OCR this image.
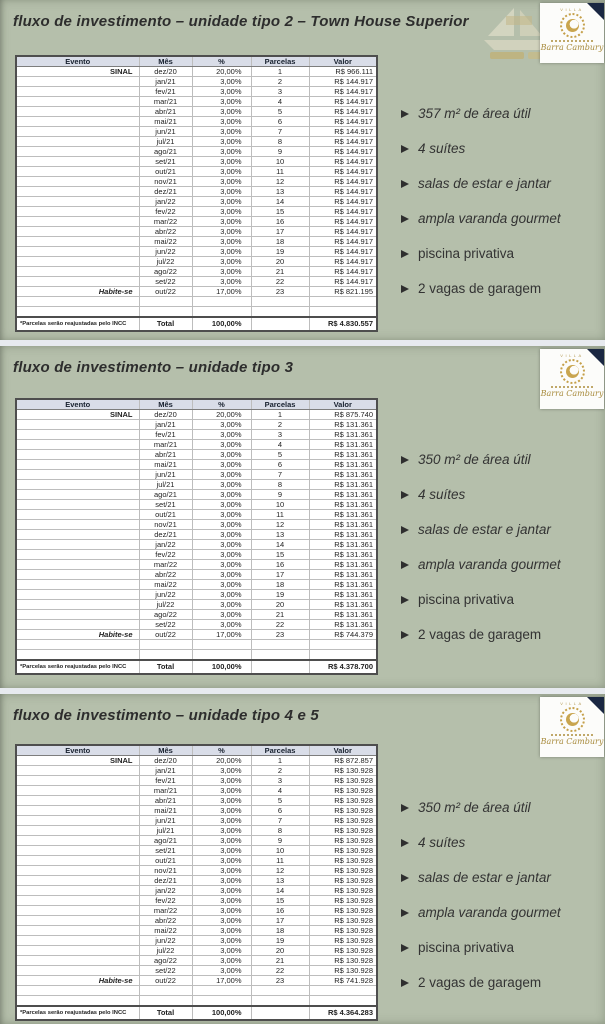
fluxo de investimento – unidade tipo 2 – Town House Superior
VILLA
Barra Cambury
Evento	Mês	%	Parcelas	Valor
SINAL	dez/20	20,00%	1	R$ 966.111
	jan/21	3,00%	2	R$ 144.917
	fev/21	3,00%	3	R$ 144.917
	mar/21	3,00%	4	R$ 144.917
	abr/21	3,00%	5	R$ 144.917
	mai/21	3,00%	6	R$ 144.917
	jun/21	3,00%	7	R$ 144.917
	jul/21	3,00%	8	R$ 144.917
	ago/21	3,00%	9	R$ 144.917
	set/21	3,00%	10	R$ 144.917
	out/21	3,00%	11	R$ 144.917
	nov/21	3,00%	12	R$ 144.917
	dez/21	3,00%	13	R$ 144.917
	jan/22	3,00%	14	R$ 144.917
	fev/22	3,00%	15	R$ 144.917
	mar/22	3,00%	16	R$ 144.917
	abr/22	3,00%	17	R$ 144.917
	mai/22	3,00%	18	R$ 144.917
	jun/22	3,00%	19	R$ 144.917
	jul/22	3,00%	20	R$ 144.917
	ago/22	3,00%	21	R$ 144.917
	set/22	3,00%	22	R$ 144.917
Habite-se	out/22	17,00%	23	R$ 821.195

*Parcelas serão reajustadas pelo INCC	Total	100,00%		R$ 4.830.557
357 m² de área útil
4 suítes
salas de estar e jantar
ampla varanda gourmet
piscina privativa
2 vagas de garagem
fluxo de investimento – unidade tipo 3
VILLA
Barra Cambury
Evento	Mês	%	Parcelas	Valor
SINAL	dez/20	20,00%	1	R$ 875.740
	jan/21	3,00%	2	R$ 131.361
	fev/21	3,00%	3	R$ 131.361
	mar/21	3,00%	4	R$ 131.361
	abr/21	3,00%	5	R$ 131.361
	mai/21	3,00%	6	R$ 131.361
	jun/21	3,00%	7	R$ 131.361
	jul/21	3,00%	8	R$ 131.361
	ago/21	3,00%	9	R$ 131.361
	set/21	3,00%	10	R$ 131.361
	out/21	3,00%	11	R$ 131.361
	nov/21	3,00%	12	R$ 131.361
	dez/21	3,00%	13	R$ 131.361
	jan/22	3,00%	14	R$ 131.361
	fev/22	3,00%	15	R$ 131.361
	mar/22	3,00%	16	R$ 131.361
	abr/22	3,00%	17	R$ 131.361
	mai/22	3,00%	18	R$ 131.361
	jun/22	3,00%	19	R$ 131.361
	jul/22	3,00%	20	R$ 131.361
	ago/22	3,00%	21	R$ 131.361
	set/22	3,00%	22	R$ 131.361
Habite-se	out/22	17,00%	23	R$ 744.379

*Parcelas serão reajustadas pelo INCC	Total	100,00%		R$ 4.378.700
350 m² de área útil
4 suítes
salas de estar e jantar
ampla varanda gourmet
piscina privativa
2 vagas de garagem
fluxo de investimento – unidade tipo 4 e 5
VILLA
Barra Cambury
Evento	Mês	%	Parcelas	Valor
SINAL	dez/20	20,00%	1	R$ 872.857
	jan/21	3,00%	2	R$ 130.928
	fev/21	3,00%	3	R$ 130.928
	mar/21	3,00%	4	R$ 130.928
	abr/21	3,00%	5	R$ 130.928
	mai/21	3,00%	6	R$ 130.928
	jun/21	3,00%	7	R$ 130.928
	jul/21	3,00%	8	R$ 130.928
	ago/21	3,00%	9	R$ 130.928
	set/21	3,00%	10	R$ 130.928
	out/21	3,00%	11	R$ 130.928
	nov/21	3,00%	12	R$ 130.928
	dez/21	3,00%	13	R$ 130.928
	jan/22	3,00%	14	R$ 130.928
	fev/22	3,00%	15	R$ 130.928
	mar/22	3,00%	16	R$ 130.928
	abr/22	3,00%	17	R$ 130.928
	mai/22	3,00%	18	R$ 130.928
	jun/22	3,00%	19	R$ 130.928
	jul/22	3,00%	20	R$ 130.928
	ago/22	3,00%	21	R$ 130.928
	set/22	3,00%	22	R$ 130.928
Habite-se	out/22	17,00%	23	R$ 741.928

*Parcelas serão reajustadas pelo INCC	Total	100,00%		R$ 4.364.283
350 m² de área útil
4 suítes
salas de estar e jantar
ampla varanda gourmet
piscina privativa
2 vagas de garagem
